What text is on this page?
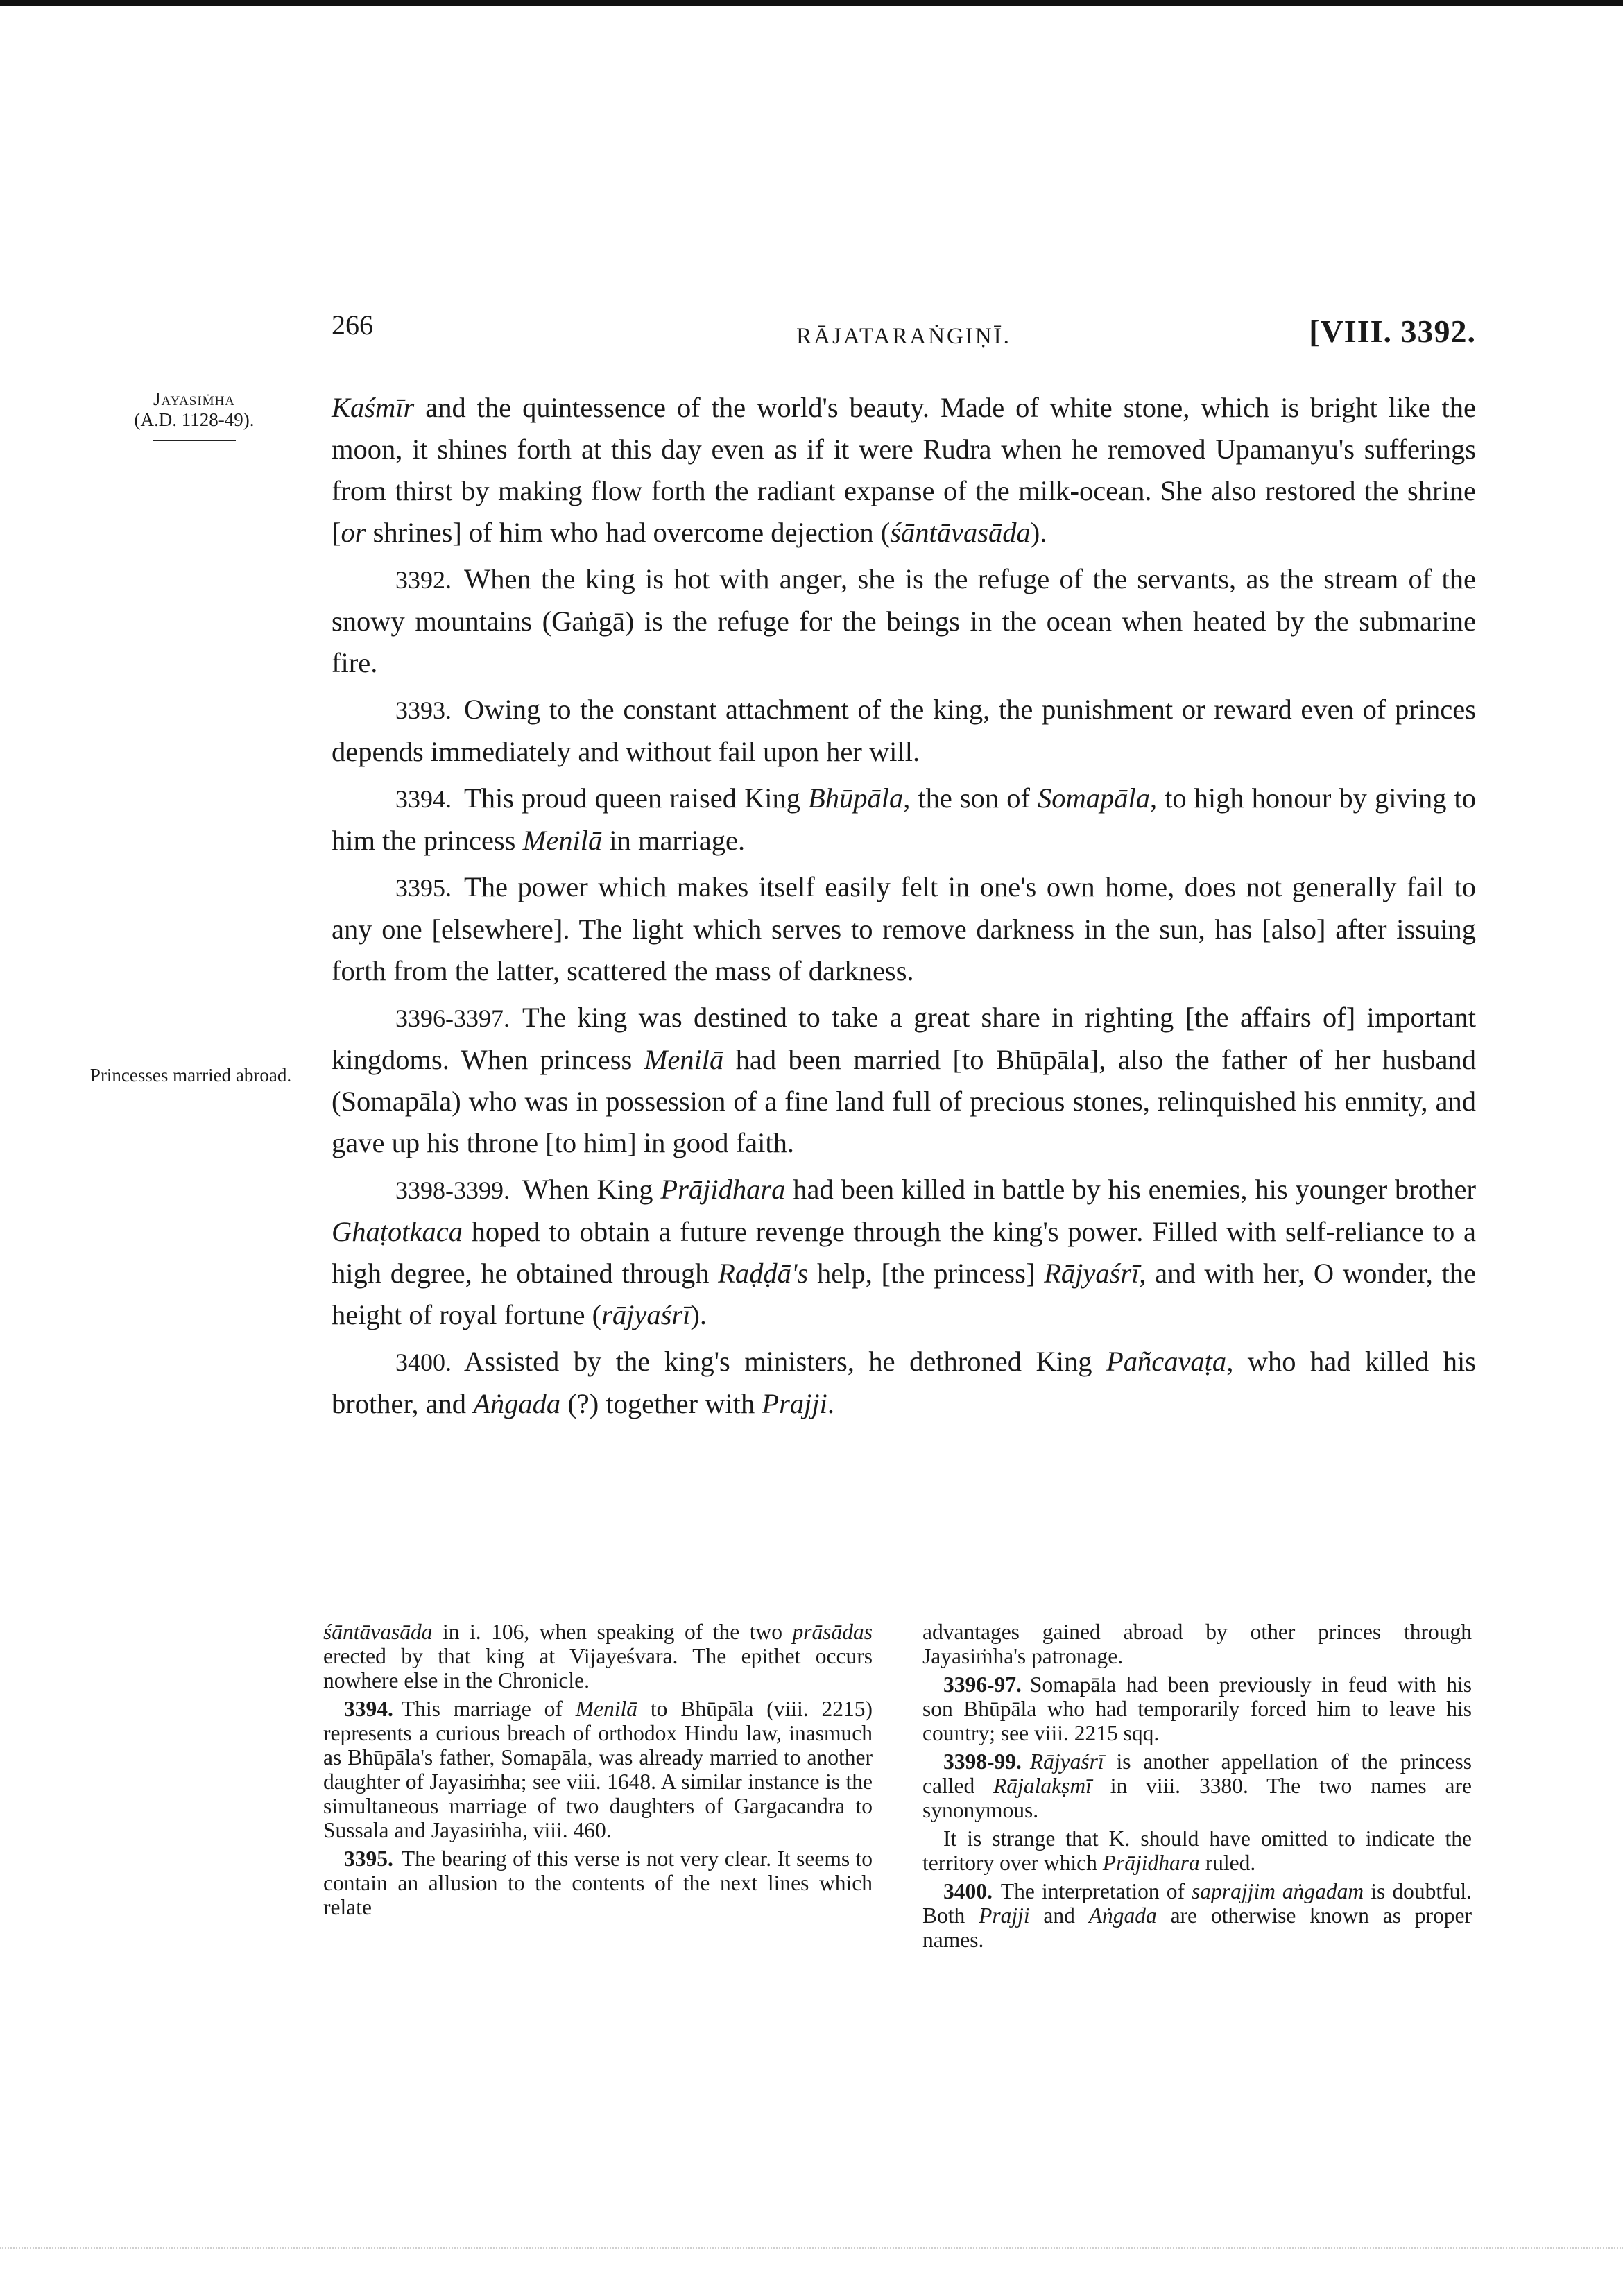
266	RĀJATARAṄGIṆĪ.	[VIII. 3392.
Jayasiṁha
(A.D. 1128-49).
Princesses married abroad.

Kaśmīr and the quintessence of the world's beauty. Made of white stone, which is bright like the moon, it shines forth at this day even as if it were Rudra when he removed Upamanyu's sufferings from thirst by making flow forth the radiant expanse of the milk-ocean. She also restored the shrine [or shrines] of him who had overcome dejection (śāntāvasāda).

3392. When the king is hot with anger, she is the refuge of the servants, as the stream of the snowy mountains (Gaṅgā) is the refuge for the beings in the ocean when heated by the submarine fire.

3393. Owing to the constant attachment of the king, the punishment or reward even of princes depends immediately and without fail upon her will.

3394. This proud queen raised King Bhūpāla, the son of Somapāla, to high honour by giving to him the princess Menilā in marriage.

3395. The power which makes itself easily felt in one's own home, does not generally fail to any one [elsewhere]. The light which serves to remove darkness in the sun, has [also] after issuing forth from the latter, scattered the mass of darkness.

3396-3397. The king was destined to take a great share in righting [the affairs of] important kingdoms. When princess Menilā had been married [to Bhūpāla], also the father of her husband (Somapāla) who was in possession of a fine land full of precious stones, relinquished his enmity, and gave up his throne [to him] in good faith.

3398-3399. When King Prājidhara had been killed in battle by his enemies, his younger brother Ghaṭotkaca hoped to obtain a future revenge through the king's power. Filled with self-reliance to a high degree, he obtained through Raḍḍā's help, [the princess] Rājyaśrī, and with her, O wonder, the height of royal fortune (rājyaśrī).

3400. Assisted by the king's ministers, he dethroned King Pañcavaṭa, who had killed his brother, and Aṅgada (?) together with Prajji.

śāntāvasāda in i. 106, when speaking of the two prāsādas erected by that king at Vijayeśvara. The epithet occurs nowhere else in the Chronicle.

3394. This marriage of Menilā to Bhūpāla (viii. 2215) represents a curious breach of orthodox Hindu law, inasmuch as Bhūpāla's father, Somapāla, was already married to another daughter of Jayasiṁha; see viii. 1648. A similar instance is the simultaneous marriage of two daughters of Gargacandra to Sussala and Jayasiṁha, viii. 460.

3395. The bearing of this verse is not very clear. It seems to contain an allusion to the contents of the next lines which relate

advantages gained abroad by other princes through Jayasiṁha's patronage.

3396-97. Somapāla had been previously in feud with his son Bhūpāla who had temporarily forced him to leave his country; see viii. 2215 sqq.

3398-99. Rājyaśrī is another appellation of the princess called Rājalakṣmī in viii. 3380. The two names are synonymous.

It is strange that K. should have omitted to indicate the territory over which Prājidhara ruled.

3400. The interpretation of saprajjim aṅgadam is doubtful. Both Prajji and Aṅgada are otherwise known as proper names.
